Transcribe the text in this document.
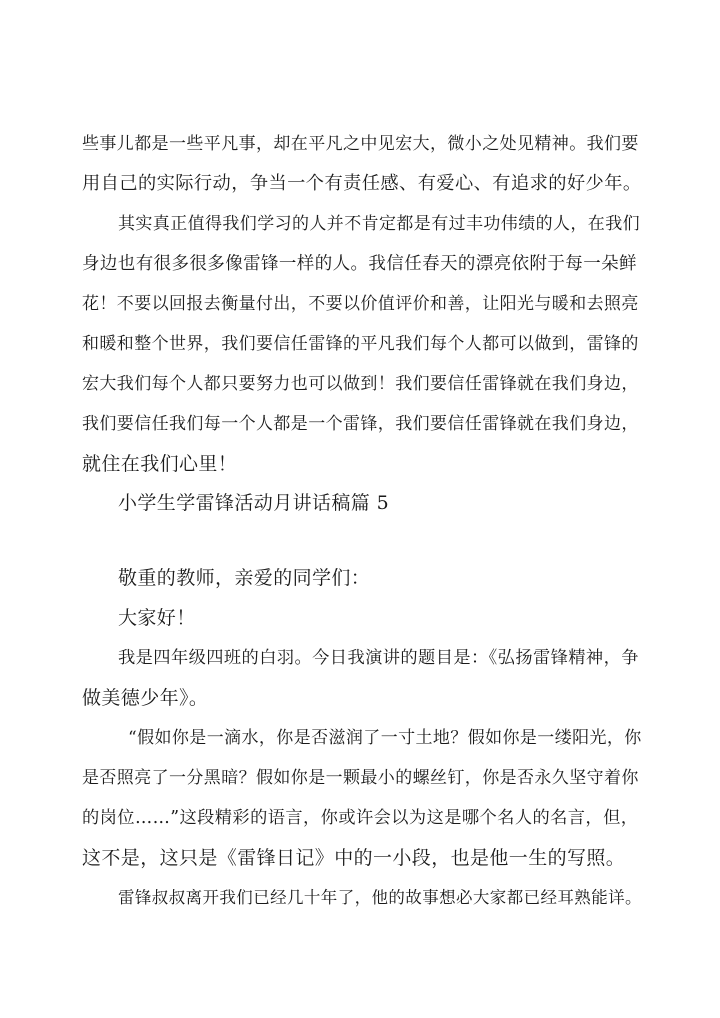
些事儿都是一些平凡事，却在平凡之中见宏大，微小之处见精神。我们要

用自己的实际行动，争当一个有责任感、有爱心、有追求的好少年。

其实真正值得我们学习的人并不肯定都是有过丰功伟绩的人，在我们

身边也有很多很多像雷锋一样的人。我信任春天的漂亮依附于每一朵鲜

花！不要以回报去衡量付出，不要以价值评价和善，让阳光与暖和去照亮

和暖和整个世界，我们要信任雷锋的平凡我们每个人都可以做到，雷锋的

宏大我们每个人都只要努力也可以做到！我们要信任雷锋就在我们身边，

我们要信任我们每一个人都是一个雷锋，我们要信任雷锋就在我们身边，

就住在我们心里！

小学生学雷锋活动月讲话稿篇 5

敬重的教师，亲爱的同学们：

大家好！

我是四年级四班的白羽。今日我演讲的题目是：《弘扬雷锋精神，争

做美德少年》。

“假如你是一滴水，你是否滋润了一寸土地？假如你是一缕阳光，你

是否照亮了一分黑暗？假如你是一颗最小的螺丝钉，你是否永久坚守着你

的岗位……”这段精彩的语言，你或许会以为这是哪个名人的名言，但，

这不是，这只是《雷锋日记》中的一小段，也是他一生的写照。

雷锋叔叔离开我们已经几十年了，他的故事想必大家都已经耳熟能详。
